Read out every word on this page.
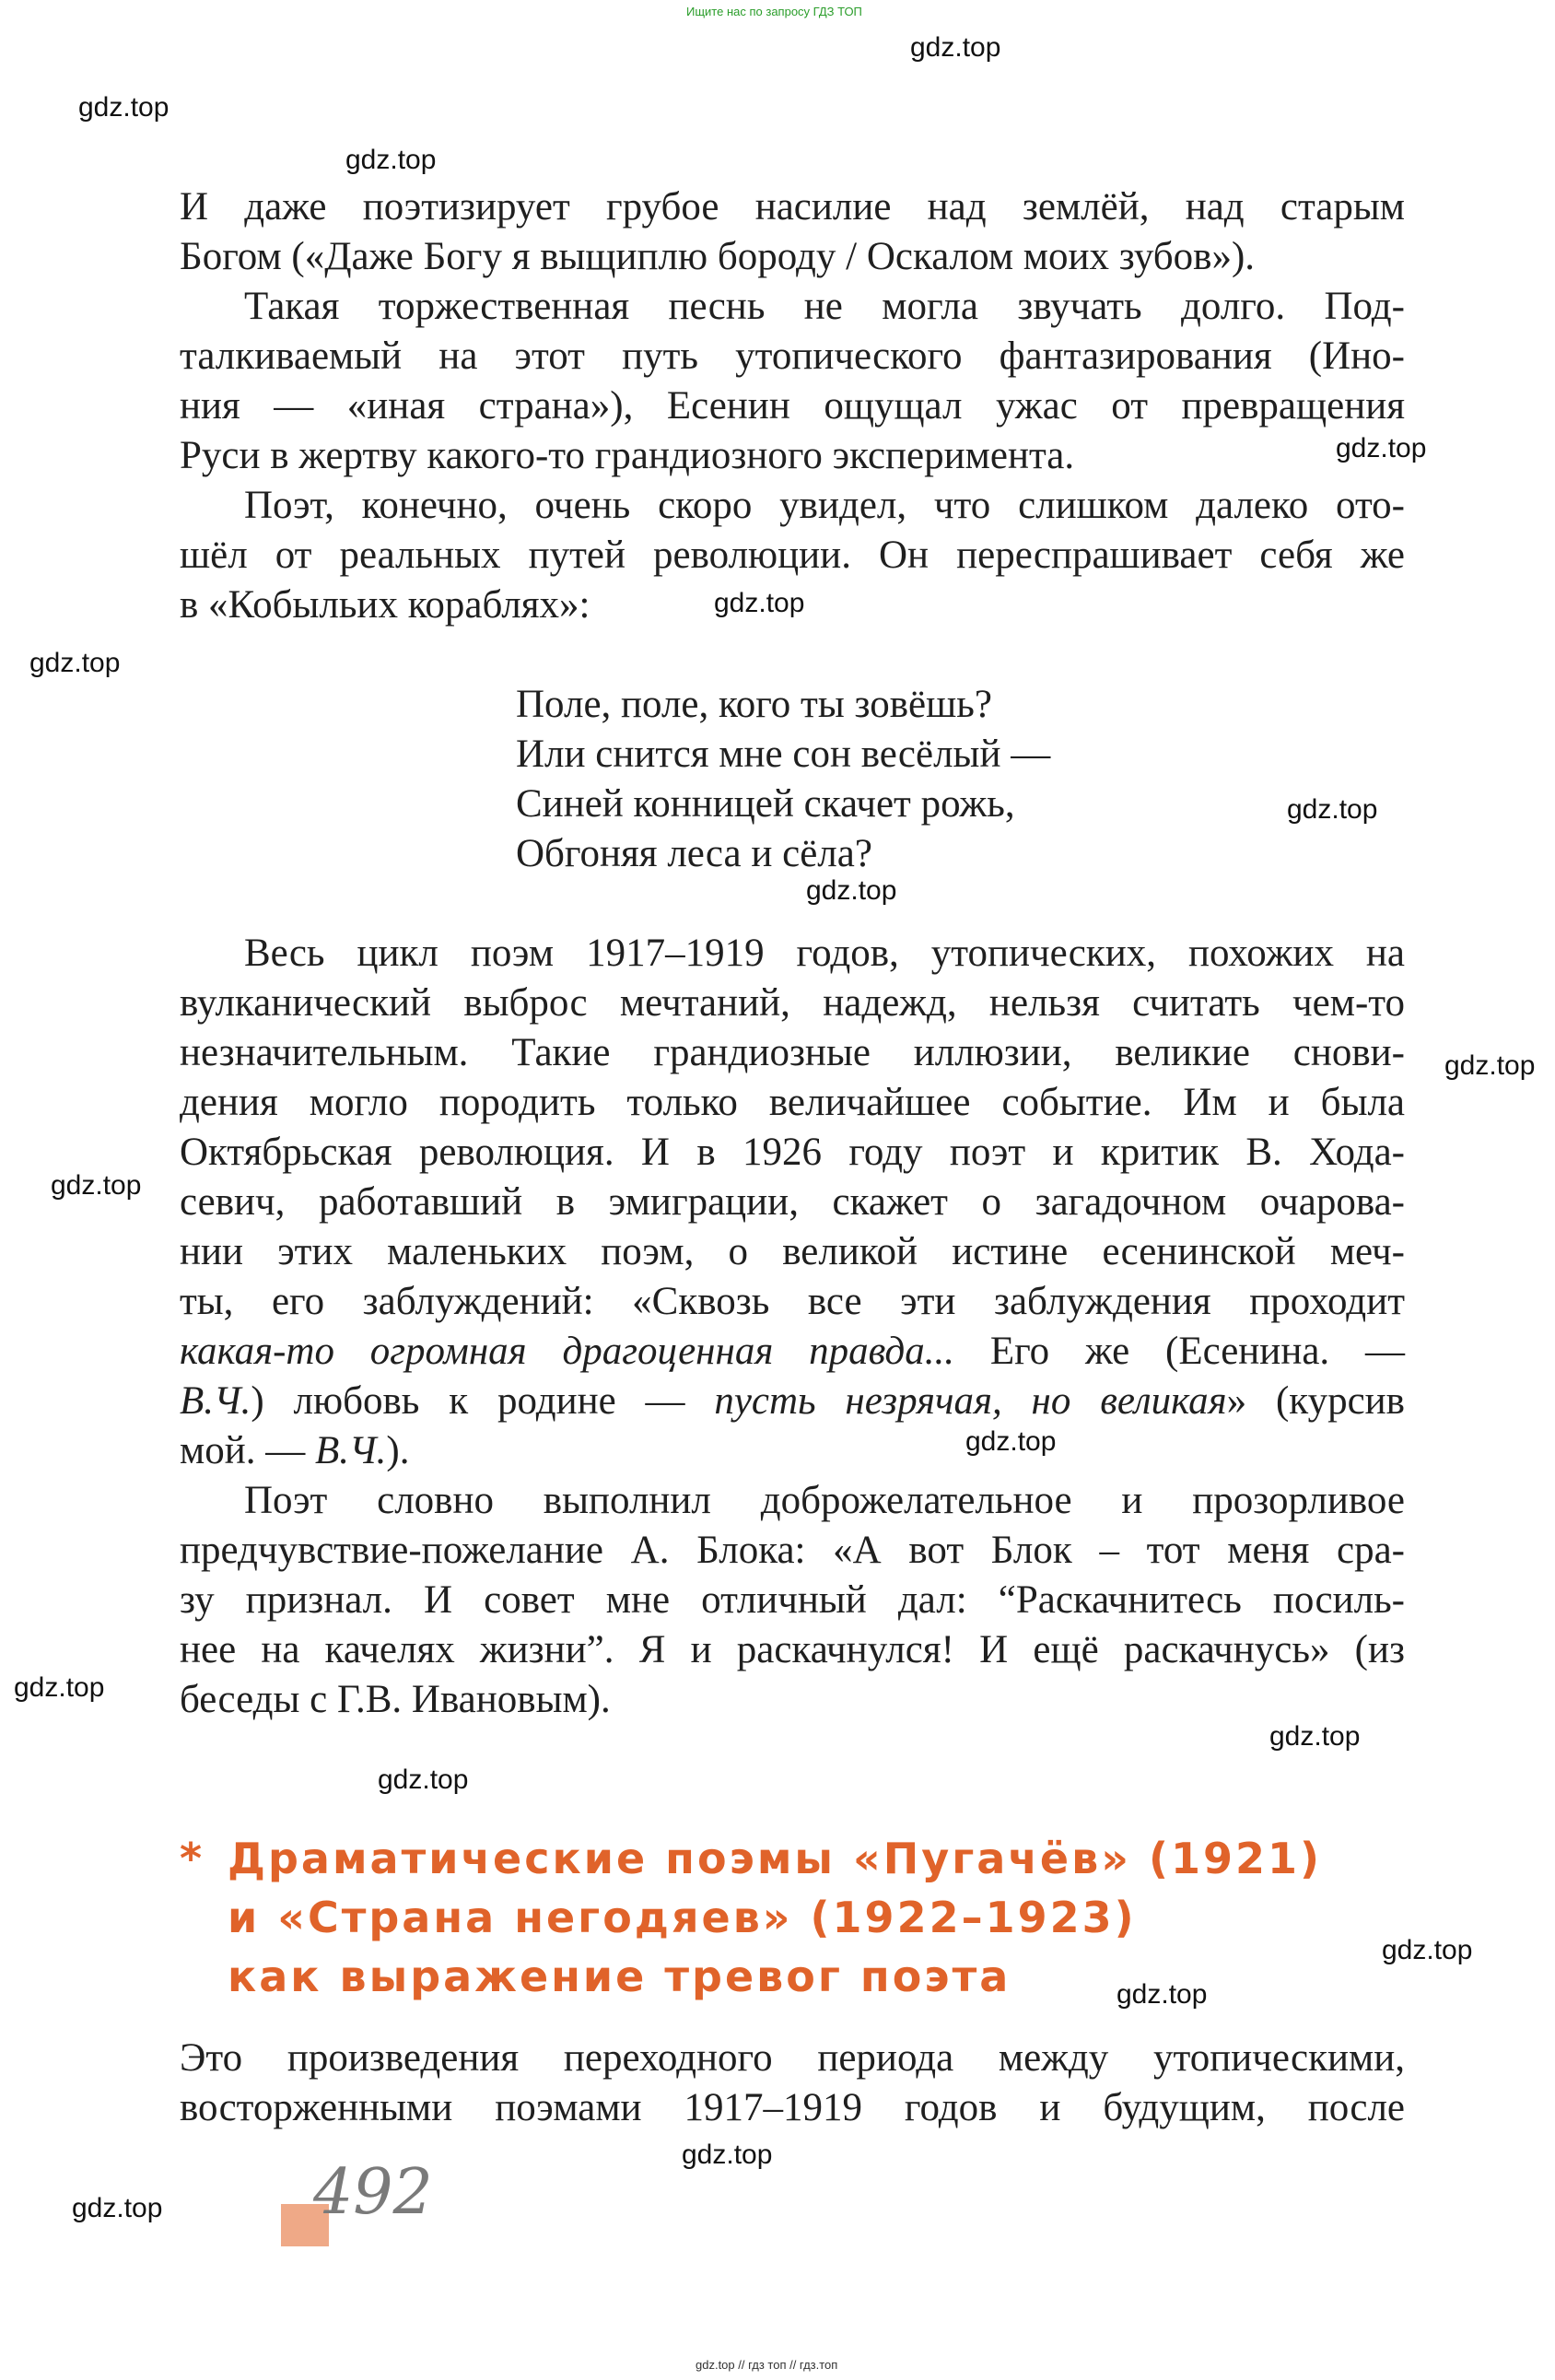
Ищите нас по запросу ГДЗ ТОП
gdz.top
gdz.top
gdz.top
gdz.top
gdz.top
gdz.top
gdz.top
gdz.top
gdz.top
gdz.top
gdz.top
gdz.top
gdz.top
gdz.top
gdz.top
gdz.top
gdz.top
gdz.top
И даже поэтизирует грубое насилие над землёй, над старым
Богом («Даже Богу я выщиплю бороду / Оскалом моих зубов»).
Такая торжественная песнь не могла звучать долго. Под-
талкиваемый на этот путь утопического фантазирования (Ино-
ния — «иная страна»), Есенин ощущал ужас от превращения
Руси в жертву какого-то грандиозного эксперимента.
Поэт, конечно, очень скоро увидел, что слишком далеко ото-
шёл от реальных путей революции. Он переспрашивает себя же
в «Кобыльих кораблях»:
Поле, поле, кого ты зовёшь?
Или снится мне сон весёлый —
Синей конницей скачет рожь,
Обгоняя леса и сёла?
Весь цикл поэм 1917–1919 годов, утопических, похожих на
вулканический выброс мечтаний, надежд, нельзя считать чем-то
незначительным. Такие грандиозные иллюзии, великие снови-
дения могло породить только величайшее событие. Им и была
Октябрьская революция. И в 1926 году поэт и критик В. Хода-
севич, работавший в эмиграции, скажет о загадочном очарова-
нии этих маленьких поэм, о великой истине есенинской меч-
ты, его заблуждений: «Сквозь все эти заблуждения проходит
какая-то огромная драгоценная правда... Его же (Есенина. —
В.Ч.) любовь к родине — пусть незрячая, но великая» (курсив
мой. — В.Ч.).
Поэт словно выполнил доброжелательное и прозорливое
предчувствие-пожелание А. Блока: «А вот Блок – тот меня сра-
зу признал. И совет мне отличный дал: “Раскачнитесь посиль-
нее на качелях жизни”. Я и раскачнулся! И ещё раскачнусь» (из
беседы с Г.В. Ивановым).
* Драматические поэмы «Пугачёв» (1921)
и «Страна негодяев» (1922–1923)
как выражение тревог поэта
Это произведения переходного периода между утопическими,
восторженными поэмами 1917–1919 годов и будущим, после
492
gdz.top // гдз топ // гдз.топ
